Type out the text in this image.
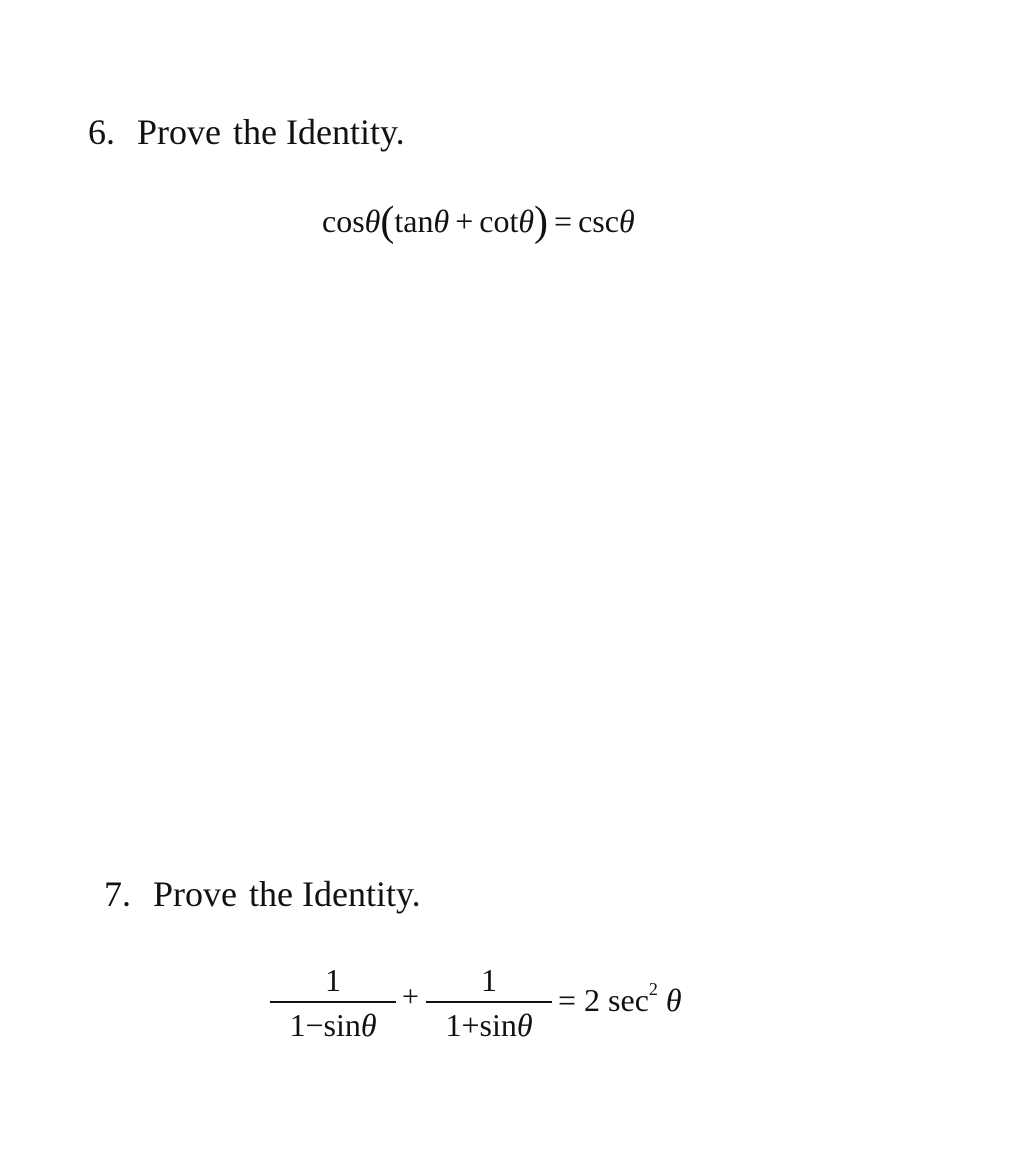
6. Prove the Identity.
cosθ(tanθ + cotθ) = cscθ
7. Prove the Identity.
1
1−sinθ
+	1
1+sinθ
= 2 $\sec^2 \theta$
